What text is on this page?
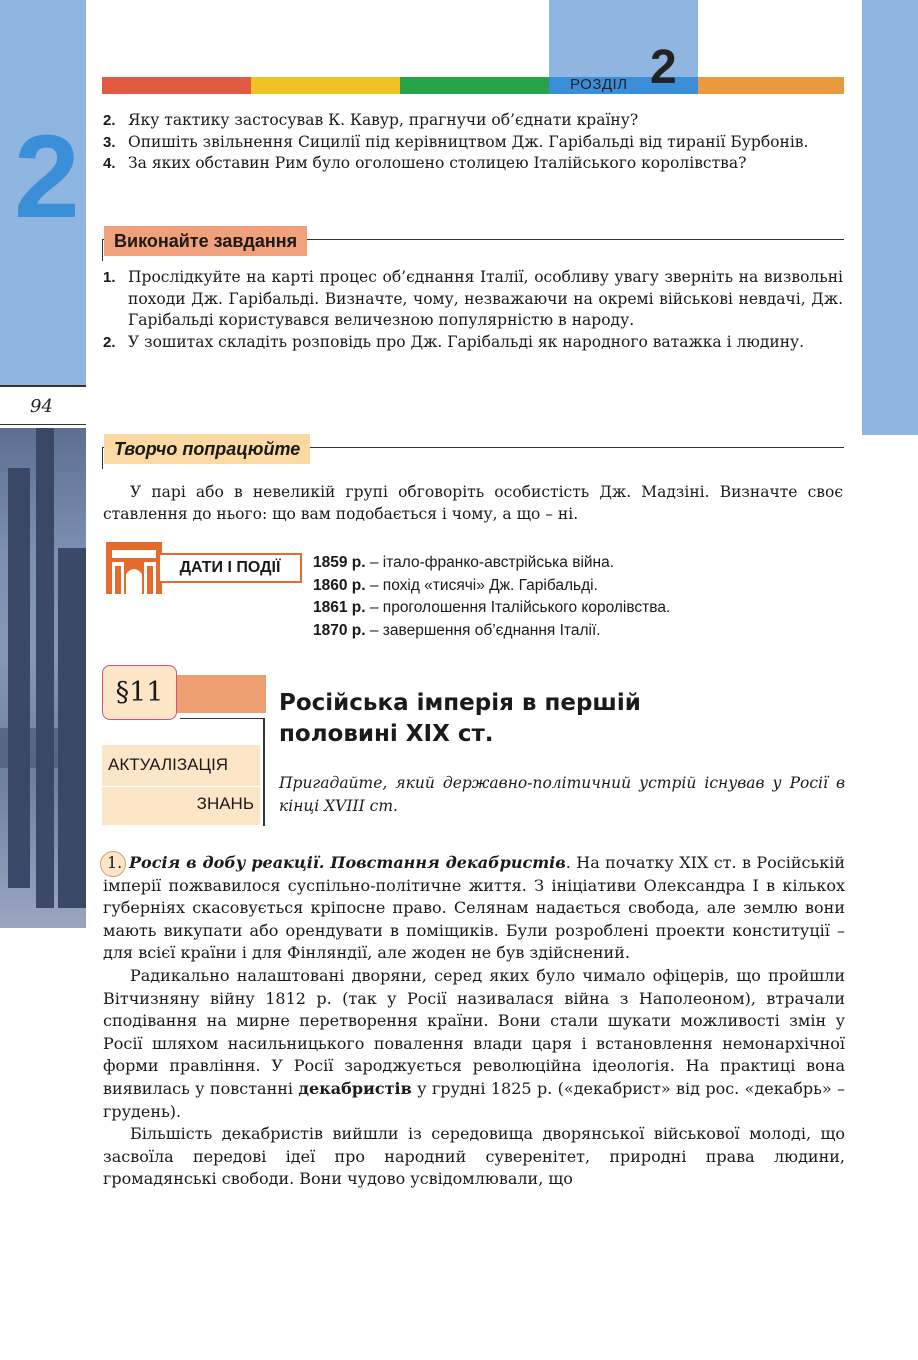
2
94
РОЗДІЛ 2
2. Яку тактику застосував К. Кавур, прагнучи об’єднати країну?
3. Опишіть звільнення Сицилії під керівництвом Дж. Гарібальді від тиранії Бурбонів.
4. За яких обставин Рим було оголошено столицею Італійського королівства?
Виконайте завдання
1. Прослідкуйте на карті процес об’єднання Італії, особливу увагу зверніть на визвольні походи Дж. Гарібальді. Визначте, чому, незважаючи на окремі військові невдачі, Дж. Гарібальді користувався величезною популярністю в народу.
2. У зошитах складіть розповідь про Дж. Гарібальді як народного ватажка і людину.
Творчо попрацюйте
У парі або в невеликій групі обговоріть особистість Дж. Мадзіні. Визначте своє ставлення до нього: що вам подобається і чому, а що – ні.
ДАТИ І ПОДІЇ	1859 р. – італо-франко-австрійська війна.
1860 р. – похід «тисячі» Дж. Гарібальді.
1861 р. – проголошення Італійського королівства.
1870 р. – завершення об’єднання Італії.
§11
АКТУАЛІЗАЦІЯ
ЗНАНЬ
Російська імперія в першій
половині XIX ст.
Пригадайте, який державно-політичний устрій існував у Росії в кінці XVIII ст.

1. Росія в добу реакції. Повстання декабристів. На початку XIX ст. в Російській імперії пожвавилося суспільно-політичне життя. З ініціативи Олександра I в кількох губерніях скасовується кріпосне право. Селянам надається свобода, але землю вони мають викупати або орендувати в поміщиків. Були розроблені проекти конституції – для всієї країни і для Фінляндії, але жоден не був здійснений.

Радикально налаштовані дворяни, серед яких було чимало офіцерів, що пройшли Вітчизняну війну 1812 р. (так у Росії називалася війна з Наполеоном), втрачали сподівання на мирне перетворення країни. Вони стали шукати можливості змін у Росії шляхом насильницького повалення влади царя і встановлення немонархічної форми правління. У Росії зароджується революційна ідеологія. На практиці вона виявилась у повстанні декабристів у грудні 1825 р. («декабрист» від рос. «декабрь» – грудень).

Більшість декабристів вийшли із середовища дворянської військової молоді, що засвоїла передові ідеї про народний суверенітет, природні права людини, громадянські свободи. Вони чудово усвідомлювали, що
